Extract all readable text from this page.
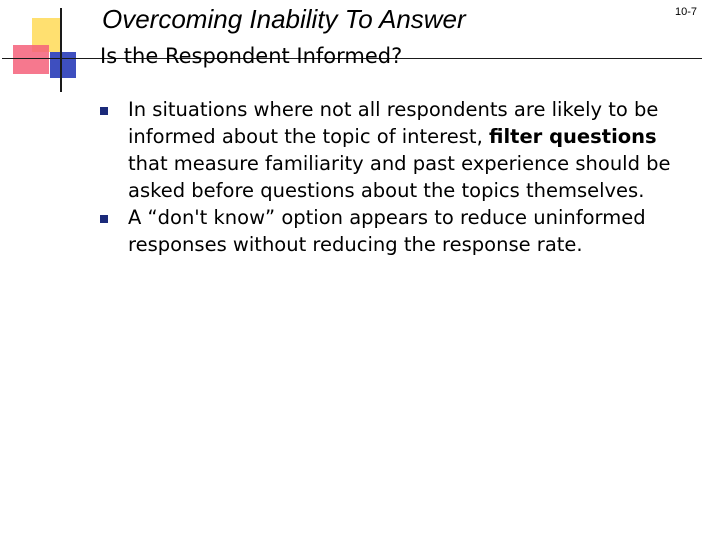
Overcoming Inability To Answer
Is the Respondent Informed?
10-7
In situations where not all respondents are likely to be informed about the topic of interest, filter questions that measure familiarity and past experience should be asked before questions about the topics themselves.
A “don't know” option appears to reduce uninformed responses without reducing the response rate.
